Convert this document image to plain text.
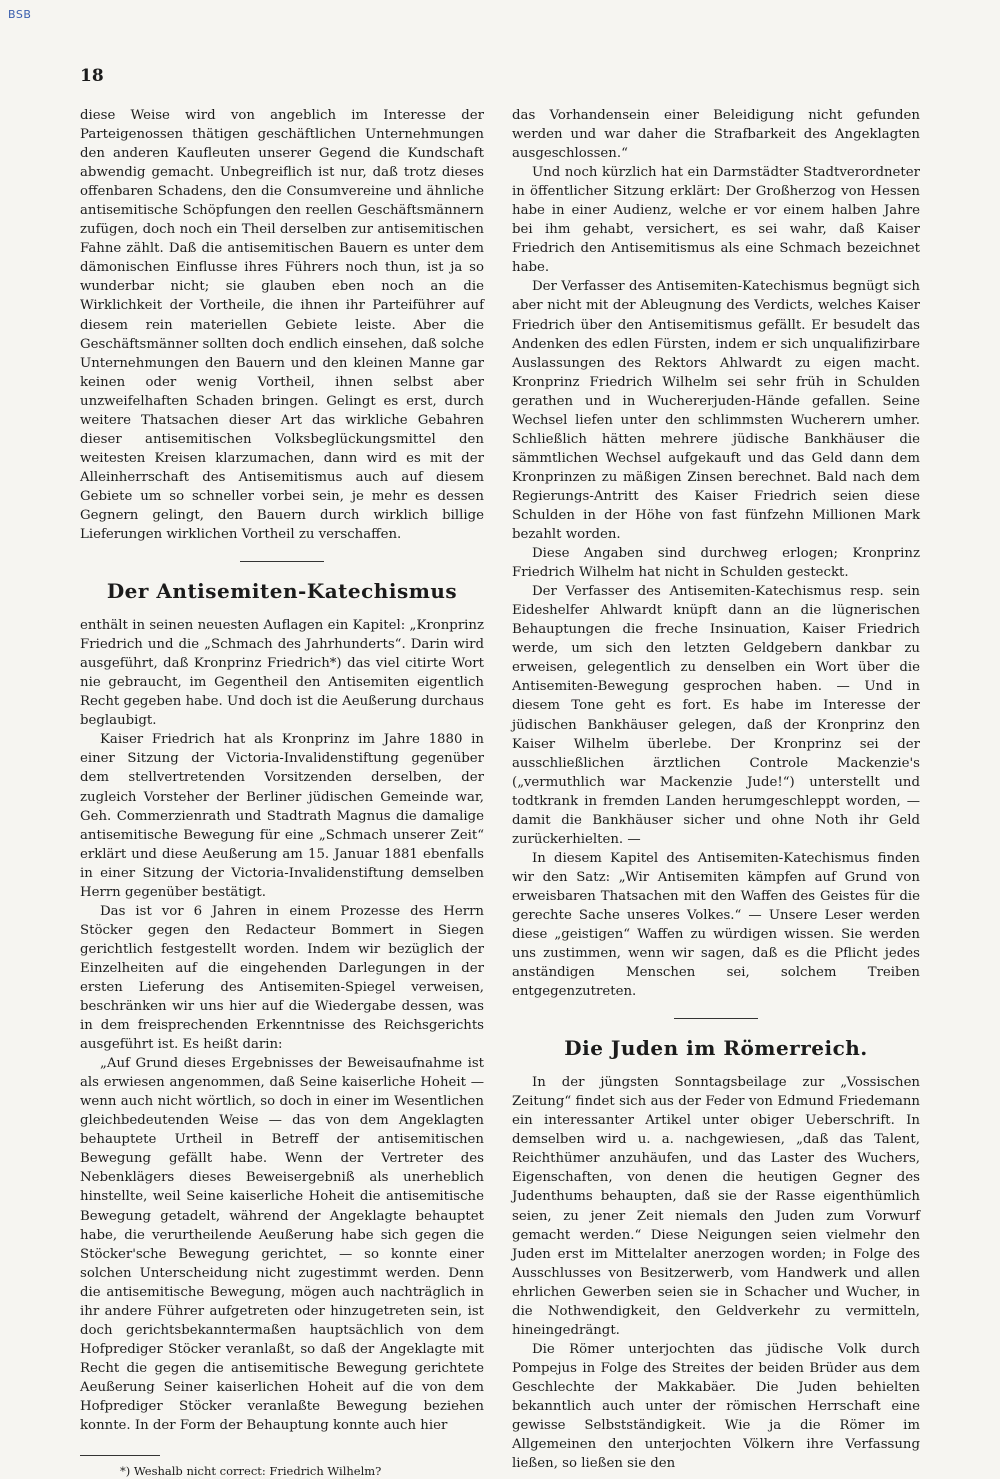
BSB
18

diese Weise wird von angeblich im Interesse der Parteigenossen thätigen geschäftlichen Unternehmungen den anderen Kaufleuten unserer Gegend die Kundschaft abwendig gemacht. Unbegreiflich ist nur, daß trotz dieses offenbaren Schadens, den die Consumvereine und ähnliche antisemitische Schöpfungen den reellen Geschäftsmännern zufügen, doch noch ein Theil derselben zur antisemitischen Fahne zählt. Daß die antisemitischen Bauern es unter dem dämonischen Einflusse ihres Führers noch thun, ist ja so wunderbar nicht; sie glauben eben noch an die Wirklichkeit der Vortheile, die ihnen ihr Parteiführer auf diesem rein materiellen Gebiete leiste. Aber die Geschäftsmänner sollten doch endlich einsehen, daß solche Unternehmungen den Bauern und den kleinen Manne gar keinen oder wenig Vortheil, ihnen selbst aber unzweifelhaften Schaden bringen. Gelingt es erst, durch weitere Thatsachen dieser Art das wirkliche Gebahren dieser antisemitischen Volksbeglückungsmittel den weitesten Kreisen klarzumachen, dann wird es mit der Alleinherrschaft des Antisemitismus auch auf diesem Gebiete um so schneller vorbei sein, je mehr es dessen Gegnern gelingt, den Bauern durch wirklich billige Lieferungen wirklichen Vortheil zu verschaffen.

Der Antisemiten-Katechismus

enthält in seinen neuesten Auflagen ein Kapitel: „Kronprinz Friedrich und die „Schmach des Jahrhunderts“. Darin wird ausgeführt, daß Kronprinz Friedrich*) das viel citirte Wort nie gebraucht, im Gegentheil den Antisemiten eigentlich Recht gegeben habe. Und doch ist die Aeußerung durchaus beglaubigt.

Kaiser Friedrich hat als Kronprinz im Jahre 1880 in einer Sitzung der Victoria-Invalidenstiftung gegenüber dem stellvertretenden Vorsitzenden derselben, der zugleich Vorsteher der Berliner jüdischen Gemeinde war, Geh. Commerzienrath und Stadtrath Magnus die damalige antisemitische Bewegung für eine „Schmach unserer Zeit“ erklärt und diese Aeußerung am 15. Januar 1881 ebenfalls in einer Sitzung der Victoria-Invalidenstiftung demselben Herrn gegenüber bestätigt.

Das ist vor 6 Jahren in einem Prozesse des Herrn Stöcker gegen den Redacteur Bommert in Siegen gerichtlich festgestellt worden. Indem wir bezüglich der Einzelheiten auf die eingehenden Darlegungen in der ersten Lieferung des Antisemiten-Spiegel verweisen, beschränken wir uns hier auf die Wiedergabe dessen, was in dem freisprechenden Erkenntnisse des Reichsgerichts ausgeführt ist. Es heißt darin:

„Auf Grund dieses Ergebnisses der Beweisaufnahme ist als erwiesen angenommen, daß Seine kaiserliche Hoheit — wenn auch nicht wörtlich, so doch in einer im Wesentlichen gleichbedeutenden Weise — das von dem Angeklagten behauptete Urtheil in Betreff der antisemitischen Bewegung gefällt habe. Wenn der Vertreter des Nebenklägers dieses Beweisergebniß als unerheblich hinstellte, weil Seine kaiserliche Hoheit die antisemitische Bewegung getadelt, während der Angeklagte behauptet habe, die verurtheilende Aeußerung habe sich gegen die Stöcker'sche Bewegung gerichtet, — so konnte einer solchen Unterscheidung nicht zugestimmt werden. Denn die antisemitische Bewegung, mögen auch nachträglich in ihr andere Führer aufgetreten oder hinzugetreten sein, ist doch gerichtsbekanntermaßen hauptsächlich von dem Hofprediger Stöcker veranlaßt, so daß der Angeklagte mit Recht die gegen die antisemitische Bewegung gerichtete Aeußerung Seiner kaiserlichen Hoheit auf die von dem Hofprediger Stöcker veranlaßte Bewegung beziehen konnte. In der Form der Behauptung konnte auch hier

*) Weshalb nicht correct: Friedrich Wilhelm?

das Vorhandensein einer Beleidigung nicht gefunden werden und war daher die Strafbarkeit des Angeklagten ausgeschlossen.“

Und noch kürzlich hat ein Darmstädter Stadtverordneter in öffentlicher Sitzung erklärt: Der Großherzog von Hessen habe in einer Audienz, welche er vor einem halben Jahre bei ihm gehabt, versichert, es sei wahr, daß Kaiser Friedrich den Antisemitismus als eine Schmach bezeichnet habe.

Der Verfasser des Antisemiten-Katechismus begnügt sich aber nicht mit der Ableugnung des Verdicts, welches Kaiser Friedrich über den Antisemitismus gefällt. Er besudelt das Andenken des edlen Fürsten, indem er sich unqualifizirbare Auslassungen des Rektors Ahlwardt zu eigen macht. Kronprinz Friedrich Wilhelm sei sehr früh in Schulden gerathen und in Wuchererjuden-Hände gefallen. Seine Wechsel liefen unter den schlimmsten Wucherern umher. Schließlich hätten mehrere jüdische Bankhäuser die sämmtlichen Wechsel aufgekauft und das Geld dann dem Kronprinzen zu mäßigen Zinsen berechnet. Bald nach dem Regierungs-Antritt des Kaiser Friedrich seien diese Schulden in der Höhe von fast fünfzehn Millionen Mark bezahlt worden.

Diese Angaben sind durchweg erlogen; Kronprinz Friedrich Wilhelm hat nicht in Schulden gesteckt.

Der Verfasser des Antisemiten-Katechismus resp. sein Eideshelfer Ahlwardt knüpft dann an die lügnerischen Behauptungen die freche Insinuation, Kaiser Friedrich werde, um sich den letzten Geldgebern dankbar zu erweisen, gelegentlich zu denselben ein Wort über die Antisemiten-Bewegung gesprochen haben. — Und in diesem Tone geht es fort. Es habe im Interesse der jüdischen Bankhäuser gelegen, daß der Kronprinz den Kaiser Wilhelm überlebe. Der Kronprinz sei der ausschließlichen ärztlichen Controle Mackenzie's („vermuthlich war Mackenzie Jude!“) unterstellt und todtkrank in fremden Landen herumgeschleppt worden, — damit die Bankhäuser sicher und ohne Noth ihr Geld zurückerhielten. —

In diesem Kapitel des Antisemiten-Katechismus finden wir den Satz: „Wir Antisemiten kämpfen auf Grund von erweisbaren Thatsachen mit den Waffen des Geistes für die gerechte Sache unseres Volkes.“ — Unsere Leser werden diese „geistigen“ Waffen zu würdigen wissen. Sie werden uns zustimmen, wenn wir sagen, daß es die Pflicht jedes anständigen Menschen sei, solchem Treiben entgegenzutreten.

Die Juden im Römerreich.

In der jüngsten Sonntagsbeilage zur „Vossischen Zeitung“ findet sich aus der Feder von Edmund Friedemann ein interessanter Artikel unter obiger Ueberschrift. In demselben wird u. a. nachgewiesen, „daß das Talent, Reichthümer anzuhäufen, und das Laster des Wuchers, Eigenschaften, von denen die heutigen Gegner des Judenthums behaupten, daß sie der Rasse eigenthümlich seien, zu jener Zeit niemals den Juden zum Vorwurf gemacht werden.“ Diese Neigungen seien vielmehr den Juden erst im Mittelalter anerzogen worden; in Folge des Ausschlusses von Besitzerwerb, vom Handwerk und allen ehrlichen Gewerben seien sie in Schacher und Wucher, in die Nothwendigkeit, den Geldverkehr zu vermitteln, hineingedrängt.

Die Römer unterjochten das jüdische Volk durch Pompejus in Folge des Streites der beiden Brüder aus dem Geschlechte der Makkabäer. Die Juden behielten bekanntlich auch unter der römischen Herrschaft eine gewisse Selbstständigkeit. Wie ja die Römer im Allgemeinen den unterjochten Völkern ihre Verfassung ließen, so ließen sie den
